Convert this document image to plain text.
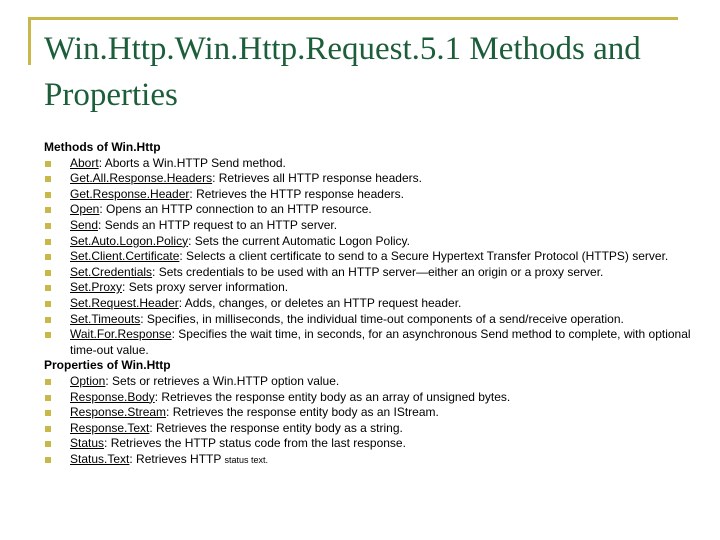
Win.Http.Win.Http.Request.5.1 Methods and Properties
Methods of Win.Http
Abort: Aborts a Win.HTTP Send method.
Get.All.Response.Headers: Retrieves all HTTP response headers.
Get.Response.Header: Retrieves the HTTP response headers.
Open: Opens an HTTP connection to an HTTP resource.
Send: Sends an HTTP request to an HTTP server.
Set.Auto.Logon.Policy: Sets the current Automatic Logon Policy.
Set.Client.Certificate: Selects a client certificate to send to a Secure Hypertext Transfer Protocol (HTTPS) server.
Set.Credentials: Sets credentials to be used with an HTTP server—either an origin or a proxy server.
Set.Proxy: Sets proxy server information.
Set.Request.Header: Adds, changes, or deletes an HTTP request header.
Set.Timeouts: Specifies, in milliseconds, the individual time-out components of a send/receive operation.
Wait.For.Response: Specifies the wait time, in seconds, for an asynchronous Send method to complete, with optional time-out value.
Properties of Win.Http
Option: Sets or retrieves a Win.HTTP option value.
Response.Body: Retrieves the response entity body as an array of unsigned bytes.
Response.Stream: Retrieves the response entity body as an IStream.
Response.Text: Retrieves the response entity body as a string.
Status: Retrieves the HTTP status code from the last response.
Status.Text: Retrieves HTTP status text.
